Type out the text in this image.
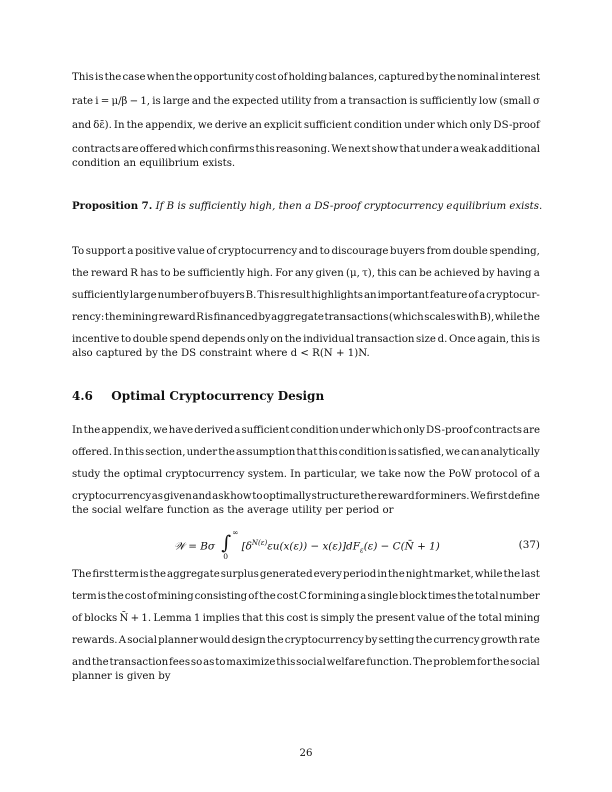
This is the case when the opportunity cost of holding balances, captured by the nominal interest
rate i = μ/β − 1, is large and the expected utility from a transaction is sufficiently low (small σ
and δε̄). In the appendix, we derive an explicit sufficient condition under which only DS-proof
contracts are offered which confirms this reasoning. We next show that under a weak additional
condition an equilibrium exists.
Proposition 7. If B is sufficiently high, then a DS-proof cryptocurrency equilibrium exists.
To support a positive value of cryptocurrency and to discourage buyers from double spending,
the reward R has to be sufficiently high. For any given (μ, τ), this can be achieved by having a
sufficiently large number of buyers B. This result highlights an important feature of a cryptocur-
rency: the mining reward R is financed by aggregate transactions (which scales with B), while the
incentive to double spend depends only on the individual transaction size d. Once again, this is
also captured by the DS constraint where d < R(N + 1)N.
4.6 Optimal Cryptocurrency Design
In the appendix, we have derived a sufficient condition under which only DS-proof contracts are
offered. In this section, under the assumption that this condition is satisfied, we can analytically
study the optimal cryptocurrency system. In particular, we take now the PoW protocol of a
cryptocurrency as given and ask how to optimally structure the reward for miners. We first define
the social welfare function as the average utility per period or
𝒲 = Bσ ∫ ∞
0
$[\delta^{N(\varepsilon)}\varepsilon u(x(\varepsilon)) - x(\varepsilon)]dF_\varepsilon(\varepsilon)$ − C(N̄ + 1)	(37)
The first term is the aggregate surplus generated every period in the night market, while the last
term is the cost of mining consisting of the cost C for mining a single block times the total number
of blocks N̄ + 1. Lemma 1 implies that this cost is simply the present value of the total mining
rewards. A social planner would design the cryptocurrency by setting the currency growth rate
and the transaction fees so as to maximize this social welfare function. The problem for the social
planner is given by
26
